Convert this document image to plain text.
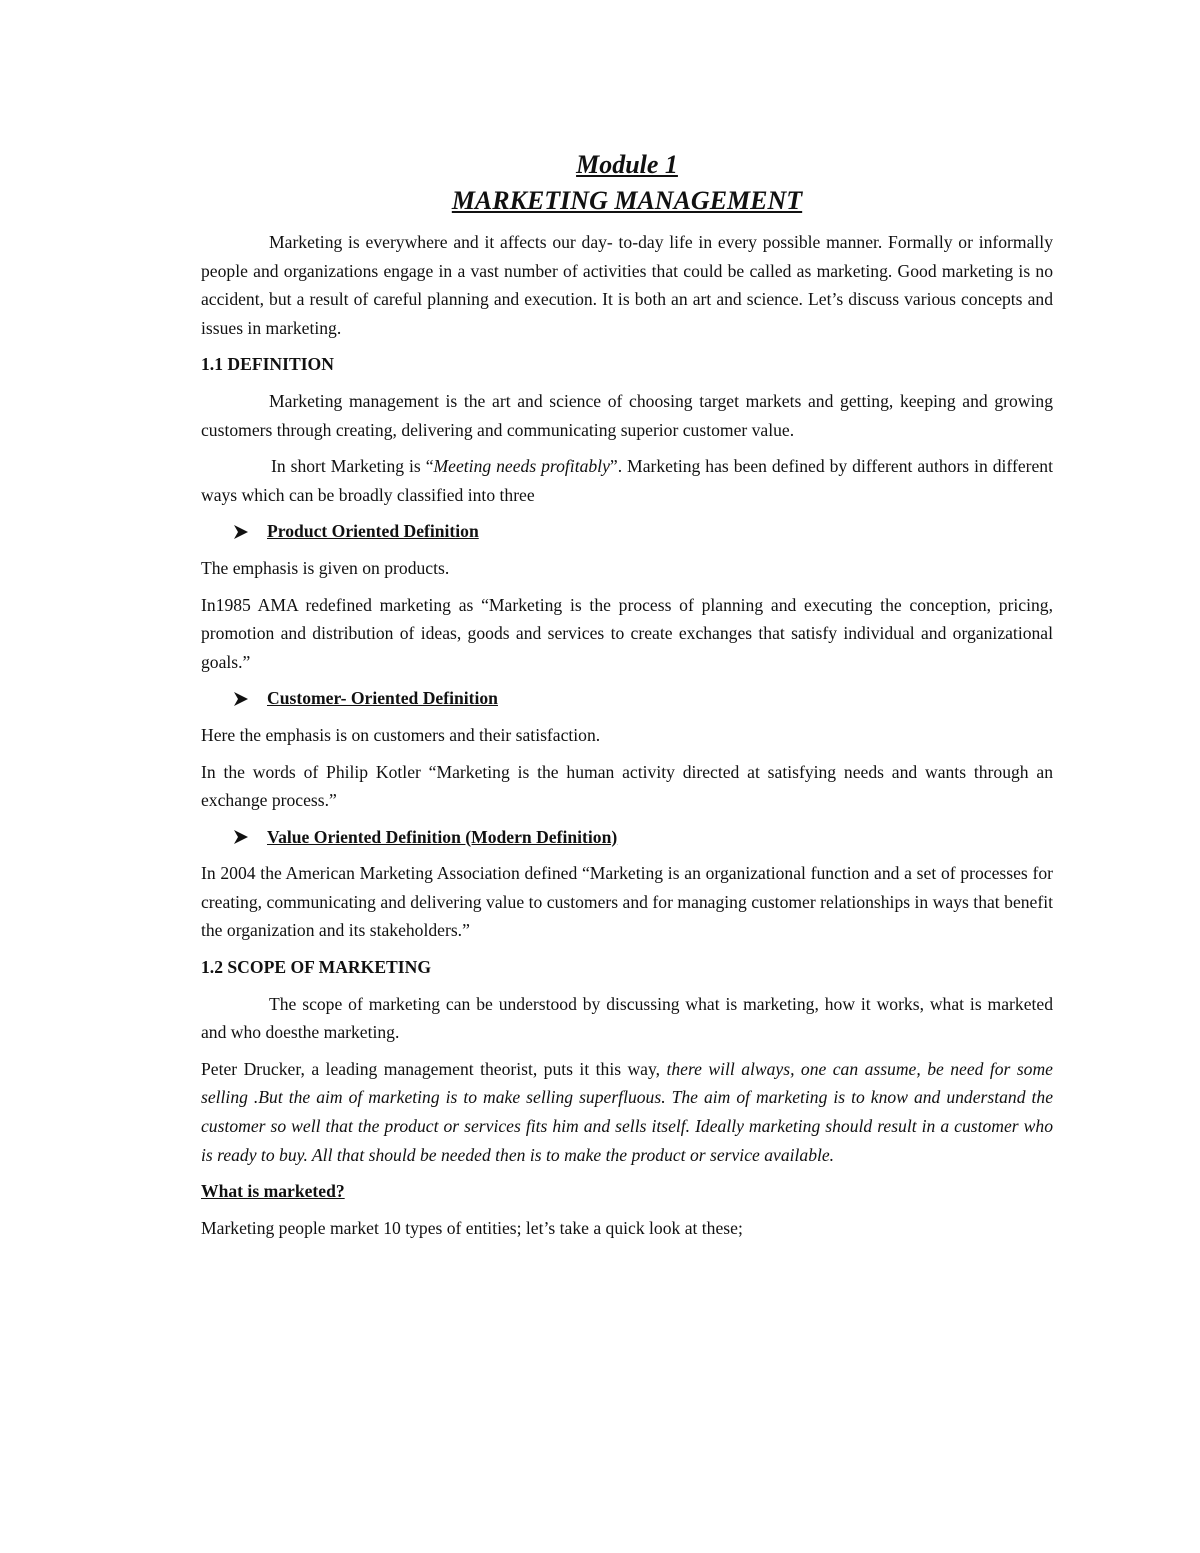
Module 1
MARKETING MANAGEMENT

Marketing is everywhere and it affects our day- to-day life in every possible manner. Formally or informally people and organizations engage in a vast number of activities that could be called as marketing. Good marketing is no accident, but a result of careful planning and execution. It is both an art and science. Let’s discuss various concepts and issues in marketing.

1.1 DEFINITION

Marketing management is the art and science of choosing target markets and getting, keeping and growing customers through creating, delivering and communicating superior customer value.

In short Marketing is “Meeting needs profitably”. Marketing has been defined by different authors in different ways which can be broadly classified into three

Product Oriented Definition

The emphasis is given on products.

In1985 AMA redefined marketing as “Marketing is the process of planning and executing the conception, pricing, promotion and distribution of ideas, goods and services to create exchanges that satisfy individual and organizational goals.”

Customer- Oriented Definition

Here the emphasis is on customers and their satisfaction.

In the words of Philip Kotler “Marketing is the human activity directed at satisfying needs and wants through an exchange process.”

Value Oriented Definition (Modern Definition)

In 2004 the American Marketing Association defined “Marketing is an organizational function and a set of processes for creating, communicating and delivering value to customers and for managing customer relationships in ways that benefit the organization and its stakeholders.”

1.2 SCOPE OF MARKETING

The scope of marketing can be understood by discussing what is marketing, how it works, what is marketed and who doesthe marketing.

Peter Drucker, a leading management theorist, puts it this way, there will always, one can assume, be need for some selling .But the aim of marketing is to make selling superfluous. The aim of marketing is to know and understand the customer so well that the product or services fits him and sells itself. Ideally marketing should result in a customer who is ready to buy. All that should be needed then is to make the product or service available.

What is marketed?

Marketing people market 10 types of entities; let’s take a quick look at these;
